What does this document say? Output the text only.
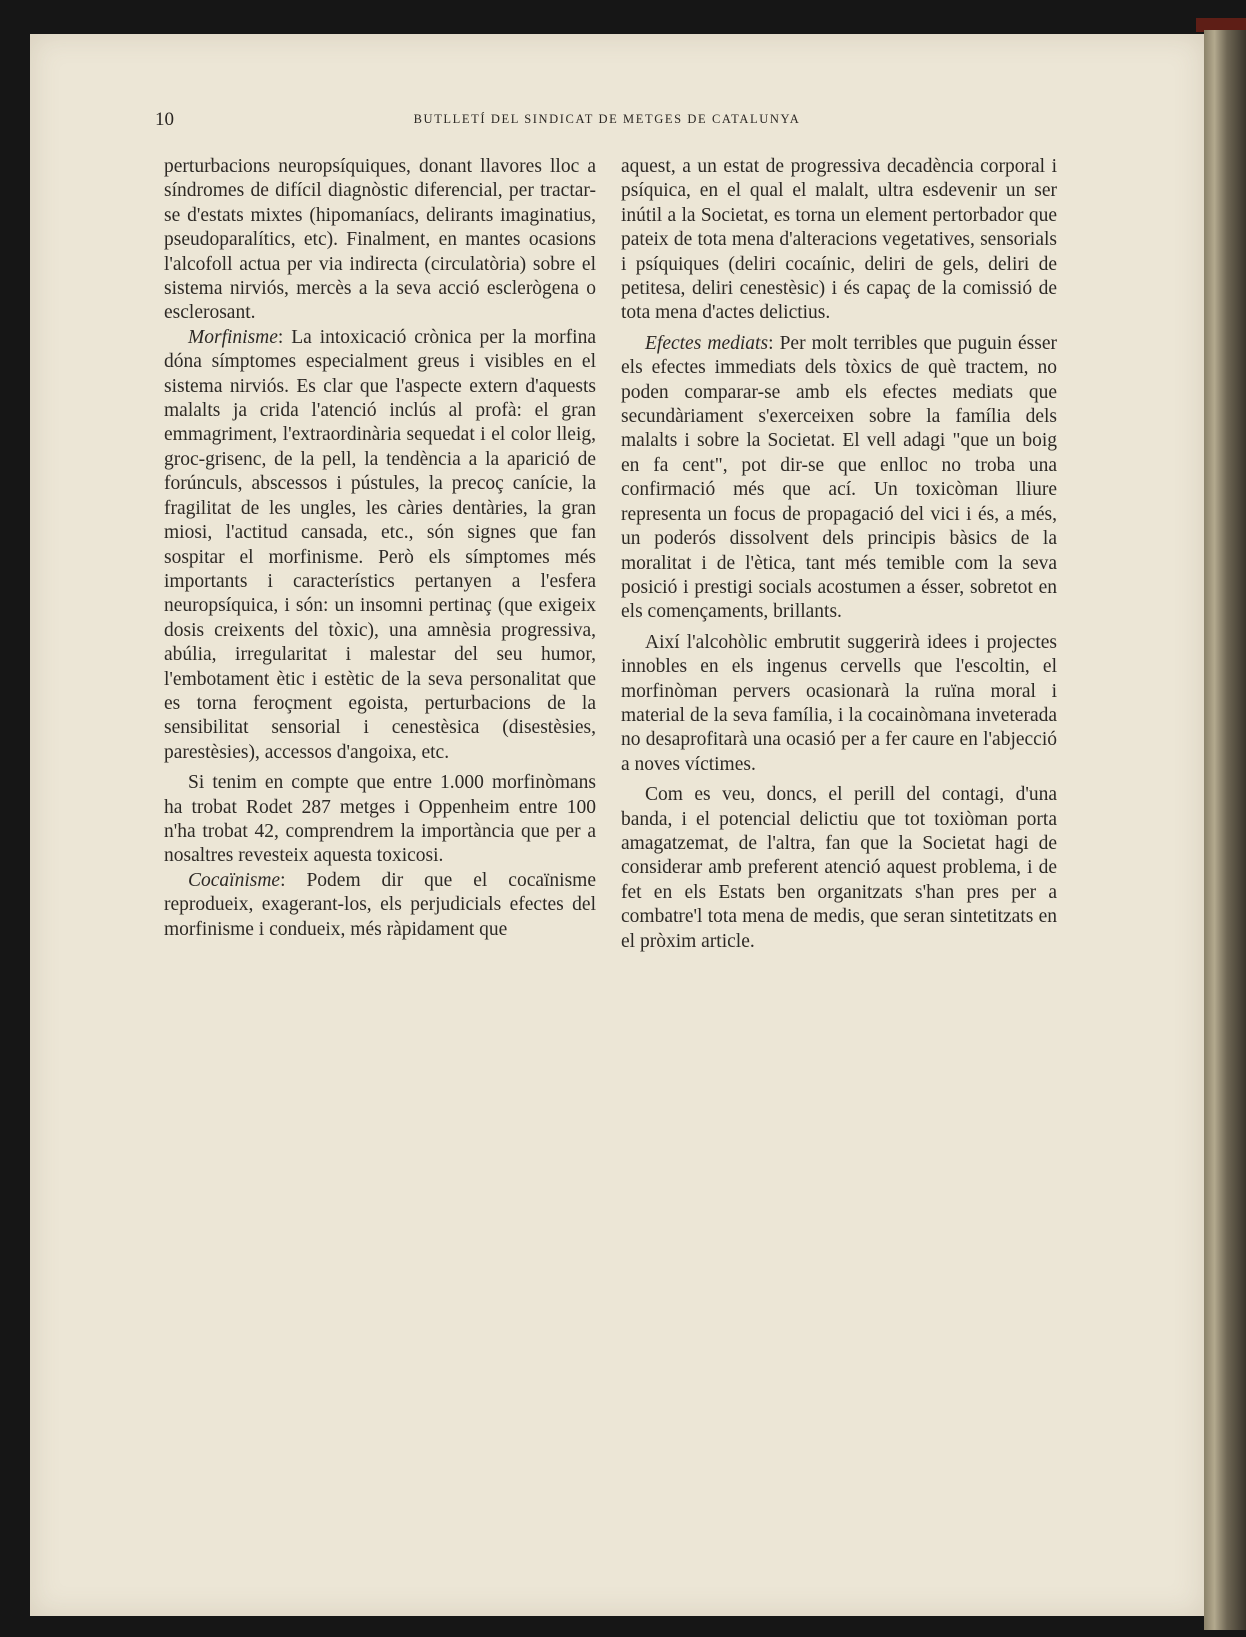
10	BUTLLETÍ DEL SINDICAT DE METGES DE CATALUNYA

perturbacions neuropsíquiques, donant llavores lloc a síndromes de difícil diagnòstic diferencial, per tractar-se d'estats mixtes (hipomaníacs, delirants imaginatius, pseudoparalítics, etc). Finalment, en mantes ocasions l'alcofoll actua per via indirecta (circulatòria) sobre el sistema nirviós, mercès a la seva acció esclerògena o esclerosant.

Morfinisme: La intoxicació crònica per la morfina dóna símptomes especialment greus i visibles en el sistema nirviós. Es clar que l'aspecte extern d'aquests malalts ja crida l'atenció inclús al profà: el gran emmagriment, l'extraordinària sequedat i el color lleig, groc-grisenc, de la pell, la tendència a la aparició de forúnculs, abscessos i pústules, la precoç canície, la fragilitat de les ungles, les càries dentàries, la gran miosi, l'actitud cansada, etc., són signes que fan sospitar el morfinisme. Però els símptomes més importants i característics pertanyen a l'esfera neuropsíquica, i són: un insomni pertinaç (que exigeix dosis creixents del tòxic), una amnèsia progressiva, abúlia, irregularitat i malestar del seu humor, l'embotament ètic i estètic de la seva personalitat que es torna feroçment egoista, perturbacions de la sensibilitat sensorial i cenestèsica (disestèsies, parestèsies), accessos d'angoixa, etc.

Si tenim en compte que entre 1.000 morfinòmans ha trobat Rodet 287 metges i Oppenheim entre 100 n'ha trobat 42, comprendrem la importància que per a nosaltres revesteix aquesta toxicosi.

Cocaïnisme: Podem dir que el cocaïnisme reprodueix, exagerant-los, els perjudicials efectes del morfinisme i condueix, més ràpidament que

aquest, a un estat de progressiva decadència corporal i psíquica, en el qual el malalt, ultra esdevenir un ser inútil a la Societat, es torna un element pertorbador que pateix de tota mena d'alteracions vegetatives, sensorials i psíquiques (deliri cocaínic, deliri de gels, deliri de petitesa, deliri cenestèsic) i és capaç de la comissió de tota mena d'actes delictius.

Efectes mediats: Per molt terribles que puguin ésser els efectes immediats dels tòxics de què tractem, no poden comparar-se amb els efectes mediats que secundàriament s'exerceixen sobre la família dels malalts i sobre la Societat. El vell adagi "que un boig en fa cent", pot dir-se que enlloc no troba una confirmació més que ací. Un toxicòman lliure representa un focus de propagació del vici i és, a més, un poderós dissolvent dels principis bàsics de la moralitat i de l'ètica, tant més temible com la seva posició i prestigi socials acostumen a ésser, sobretot en els començaments, brillants.

Així l'alcohòlic embrutit suggerirà idees i projectes innobles en els ingenus cervells que l'escoltin, el morfinòman pervers ocasionarà la ruïna moral i material de la seva família, i la cocainòmana inveterada no desaprofitarà una ocasió per a fer caure en l'abjecció a noves víctimes.

Com es veu, doncs, el perill del contagi, d'una banda, i el potencial delictiu que tot toxiòman porta amagatzemat, de l'altra, fan que la Societat hagi de considerar amb preferent atenció aquest problema, i de fet en els Estats ben organitzats s'han pres per a combatre'l tota mena de medis, que seran sintetitzats en el pròxim article.
